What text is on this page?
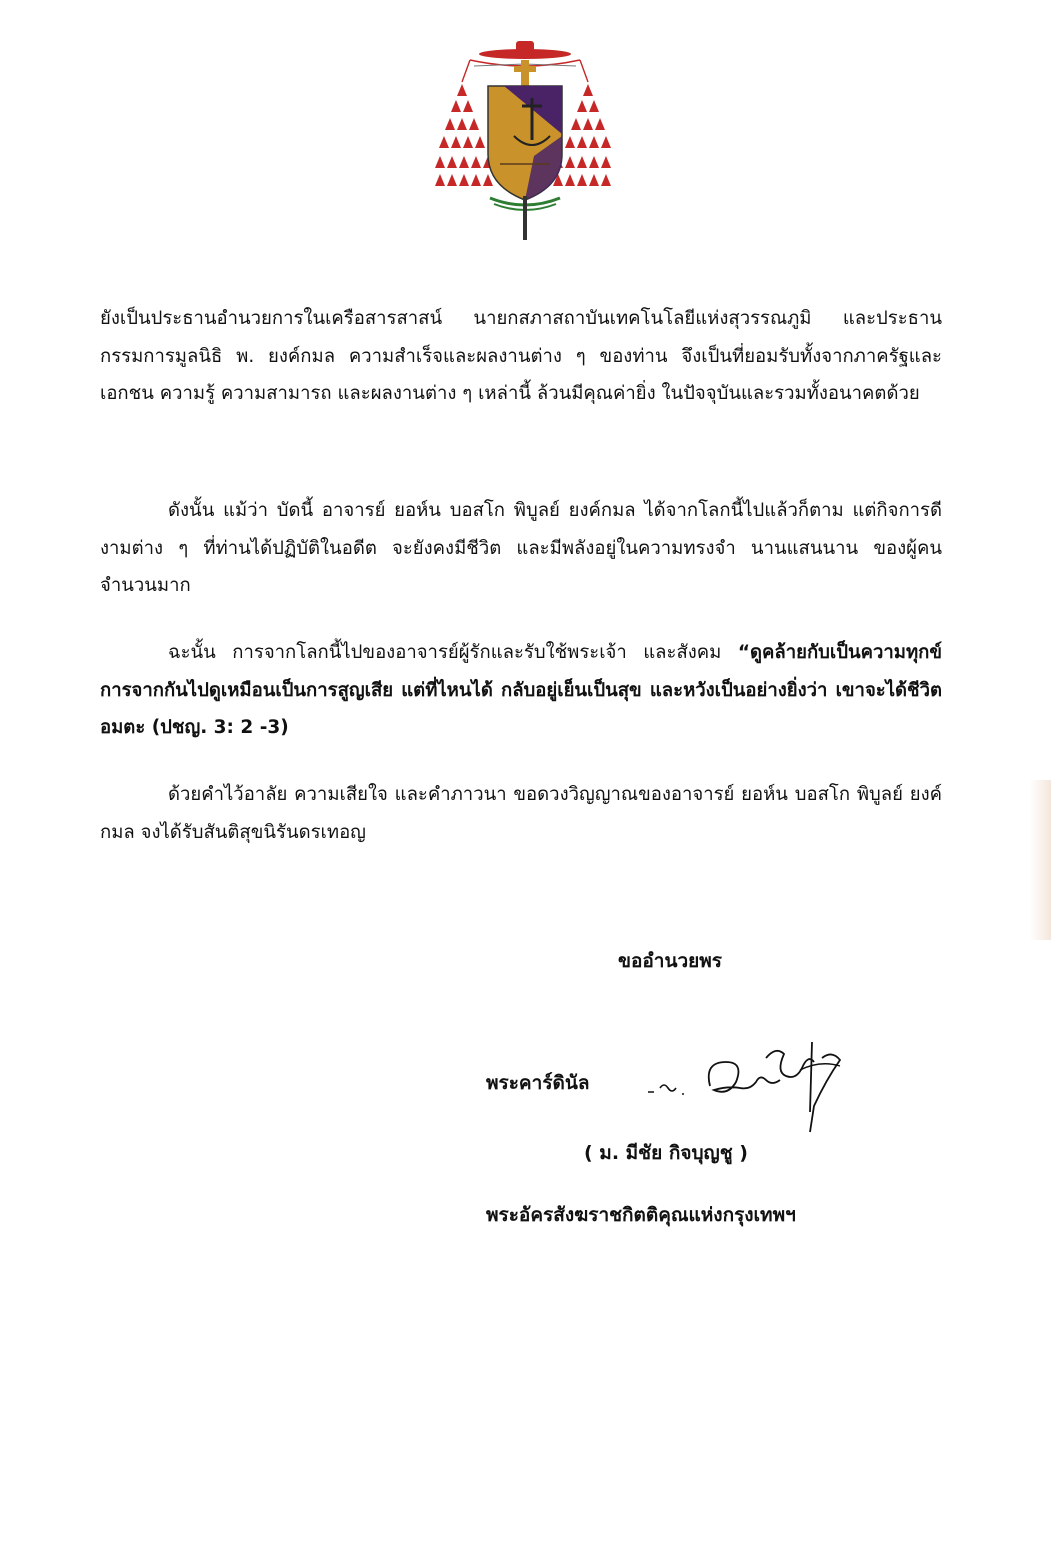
ยังเป็นประธานอำนวยการในเครือสารสาสน์ นายกสภาสถาบันเทคโนโลยีแห่งสุวรรณภูมิ และประธานกรรมการมูลนิธิ พ. ยงค์กมล ความสำเร็จและผลงานต่าง ๆ ของท่าน จึงเป็นที่ยอมรับทั้งจากภาครัฐและเอกชน ความรู้ ความสามารถ และผลงานต่าง ๆ เหล่านี้ ล้วนมีคุณค่ายิ่ง ในปัจจุบันและรวมทั้งอนาคตด้วย

ดังนั้น แม้ว่า บัดนี้ อาจารย์ ยอห์น บอสโก พิบูลย์ ยงค์กมล ได้จากโลกนี้ไปแล้วก็ตาม แต่กิจการดีงามต่าง ๆ ที่ท่านได้ปฏิบัติในอดีต จะยังคงมีชีวิต และมีพลังอยู่ในความทรงจำ นานแสนนาน ของผู้คนจำนวนมาก

ฉะนั้น การจากโลกนี้ไปของอาจารย์ผู้รักและรับใช้พระเจ้า และสังคม “ดูคล้ายกับเป็นความทุกข์ การจากกันไปดูเหมือนเป็นการสูญเสีย แต่ที่ไหนได้ กลับอยู่เย็นเป็นสุข และหวังเป็นอย่างยิ่งว่า เขาจะได้ชีวิตอมตะ (ปชญ. 3: 2 -3)

ด้วยคำไว้อาลัย ความเสียใจ และคำภาวนา ขอดวงวิญญาณของอาจารย์ ยอห์น บอสโก พิบูลย์ ยงค์กมล จงได้รับสันติสุขนิรันดรเทอญ

ขออำนวยพร
พระคาร์ดินัล
( ม. มีชัย กิจบุญชู )
พระอัครสังฆราชกิตติคุณแห่งกรุงเทพฯ
